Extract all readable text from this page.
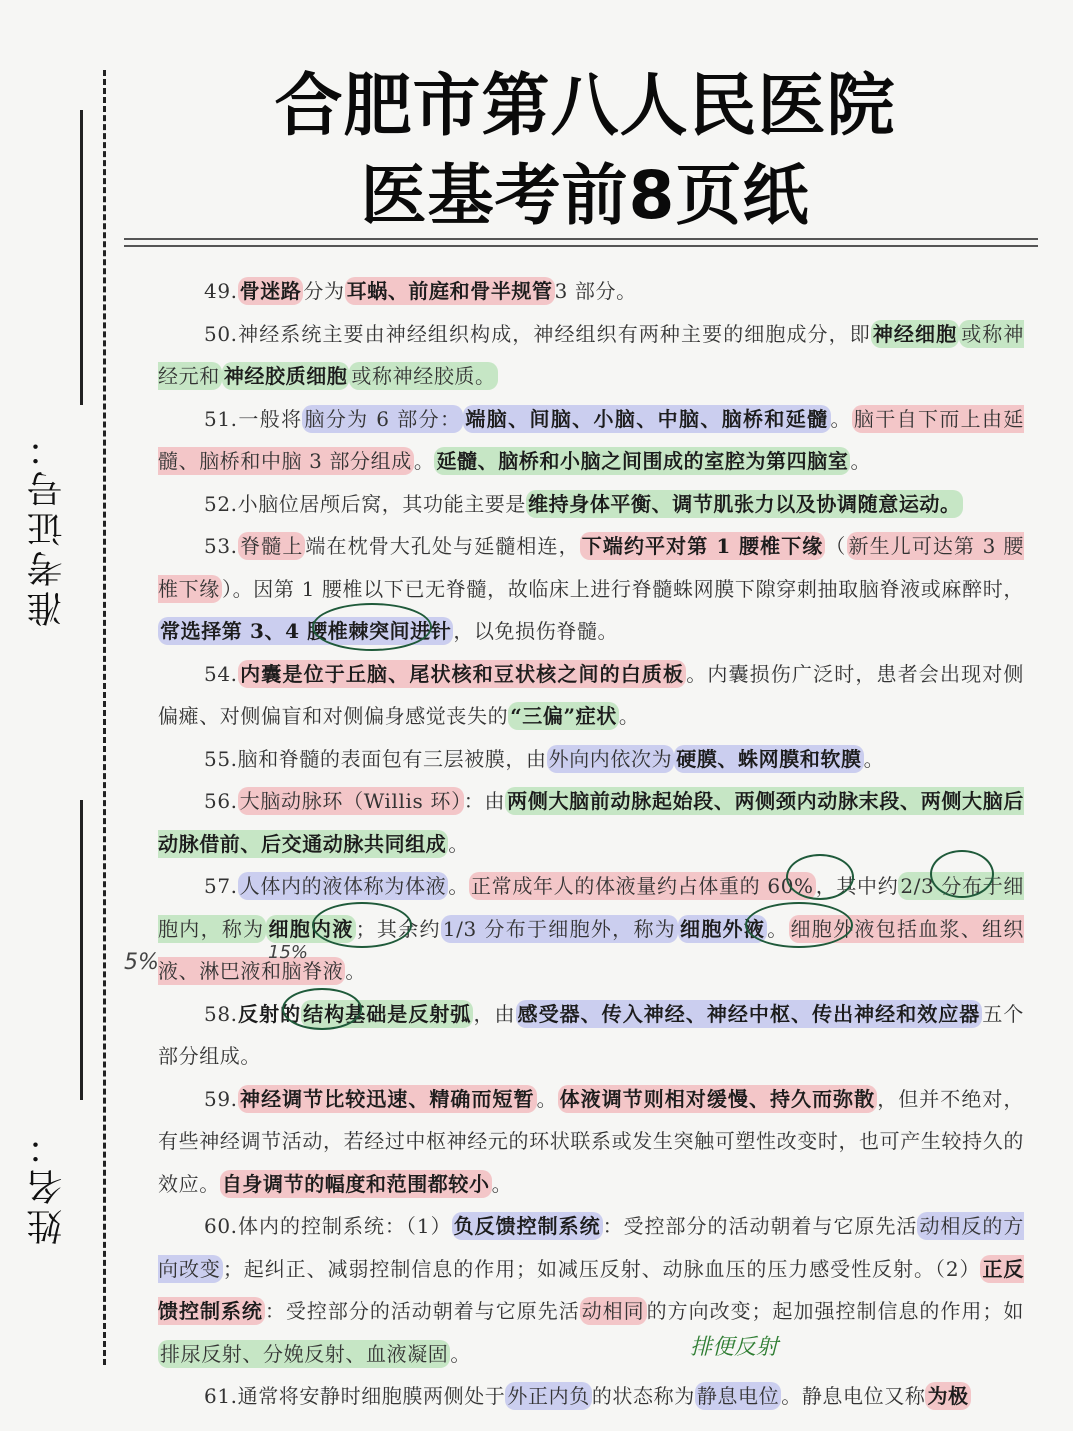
准考证号：
姓名：
合肥市第八人民医院
医基考前8页纸

49. 骨迷路 分为 耳蜗、前庭和骨半规管 3 部分。

50.神经系统主要由神经组织构成，神经组织有两种主要的细胞成分，即 神经细胞 或称神经元和 神经胶质细胞 或称神经胶质。

51.一般将 脑分为 6 部分： 端脑、间脑、小脑、中脑、脑桥和延髓 。 脑干自下而上由延髓、脑桥和中脑 3 部分组成 。 延髓、脑桥和小脑之间围成的室腔为第四脑室 。

52.小脑位居颅后窝，其功能主要是 维持身体平衡、调节肌张力以及协调随意运动。

53. 脊髓上 端在枕骨大孔处与延髓相连， 下端约平对第 1 腰椎下缘 （ 新生儿可达第 3 腰椎下缘 ）。因第 1 腰椎以下已无脊髓，故临床上进行脊髓蛛网膜下隙穿刺抽取脑脊液或麻醉时，常选择第 3、4 腰椎棘突间进针 ，以免损伤脊髓。

54. 内囊是位于丘脑、尾状核和豆状核之间的白质板 。内囊损伤广泛时，患者会出现对侧偏瘫、对侧偏盲和对侧偏身感觉丧失的 “三偏”症状 。

55.脑和脊髓的表面包有三层被膜，由 外向内依次为 硬膜、蛛网膜和软膜 。

56. 大脑动脉环（Willis 环） ：由 两侧大脑前动脉起始段、两侧颈内动脉末段、两侧大脑后动脉借前、后交通动脉共同组成 。

57. 人体内的液体称为体液 。 正常成年人的体液量约占体重的 60% ，其中约 2/3 分布于细胞内，称为 细胞内液 ；其余约 1/3 分布于细胞外，称为 细胞外液 。 细胞外液包括血浆、组织液、淋巴液和脑脊液 。

58.反射的 结构基础是反射弧 ，由 感受器、传入神经、神经中枢、传出神经和效应器 五个部分组成。

59. 神经调节比较迅速、精确而短暂 。 体液调节则相对缓慢、持久而弥散 ，但并不绝对，有些神经调节活动，若经过中枢神经元的环状联系或发生突触可塑性改变时，也可产生较持久的效应。 自身调节的幅度和范围都较小 。

60.体内的控制系统：（1） 负反馈控制系统 ：受控部分的活动朝着与它原先活 动相反的方向改变 ；起纠正、减弱控制信息的作用；如减压反射、动脉血压的压力感受性反射。（2） 正反馈控制系统 ：受控部分的活动朝着与它原先活 动相同 的方向改变；起加强控制信息的作用；如排尿反射、分娩反射、血液凝固 。

61.通常将安静时细胞膜两侧处于 外正内负 的状态称为 静息电位 。静息电位又称 为极

5%	15%
排便反射
